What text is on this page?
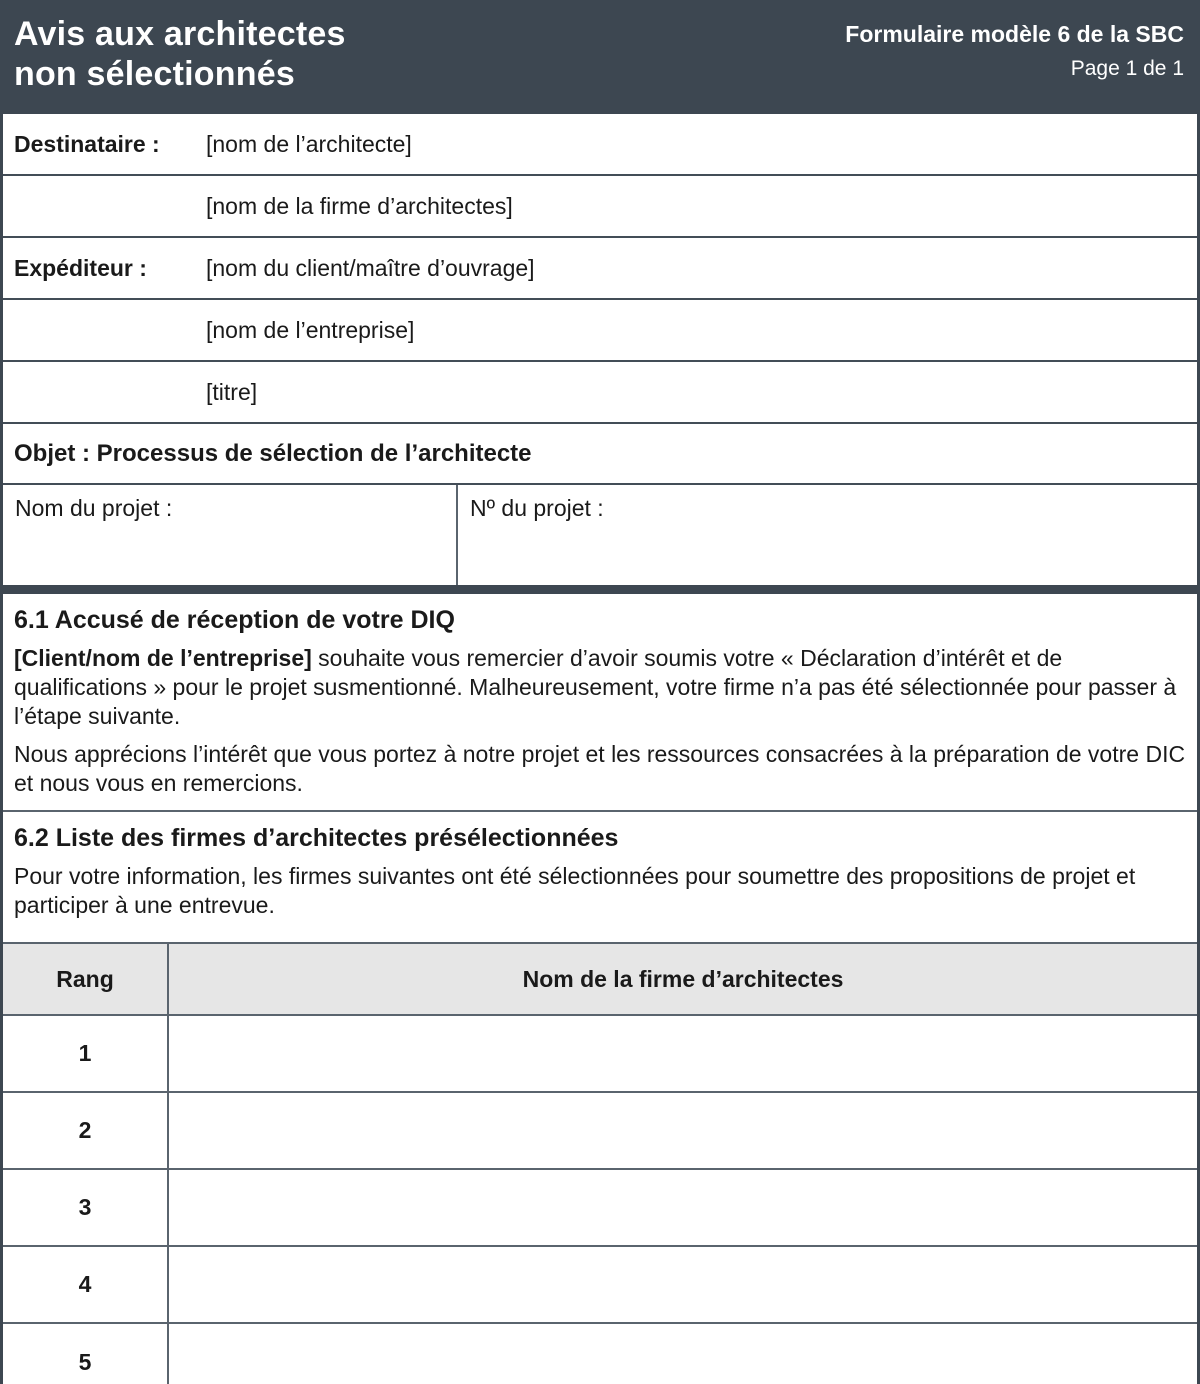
Avis aux architectes
non sélectionnés
Formulaire modèle 6 de la SBC
Page 1 de 1
Destinataire :	[nom de l’architecte]
[nom de la firme d’architectes]
Expéditeur :	[nom du client/maître d’ouvrage]
[nom de l’entreprise]
[titre]
Objet : Processus de sélection de l’architecte
Nom du projet :	Nº du projet :
6.1 Accusé de réception de votre DIQ

[Client/nom de l’entreprise] souhaite vous remercier d’avoir soumis votre « Déclaration d’intérêt et de qualifications » pour le projet susmentionné. Malheureusement, votre firme n’a pas été sélectionnée pour passer à l’étape suivante.

Nous apprécions l’intérêt que vous portez à notre projet et les ressources consacrées à la préparation de votre DIC et nous vous en remercions.

6.2 Liste des firmes d’architectes présélectionnées

Pour votre information, les firmes suivantes ont été sélectionnées pour soumettre des propositions de projet et participer à une entrevue.

Rang	Nom de la firme d’architectes
1	
2	
3	
4	
5	
